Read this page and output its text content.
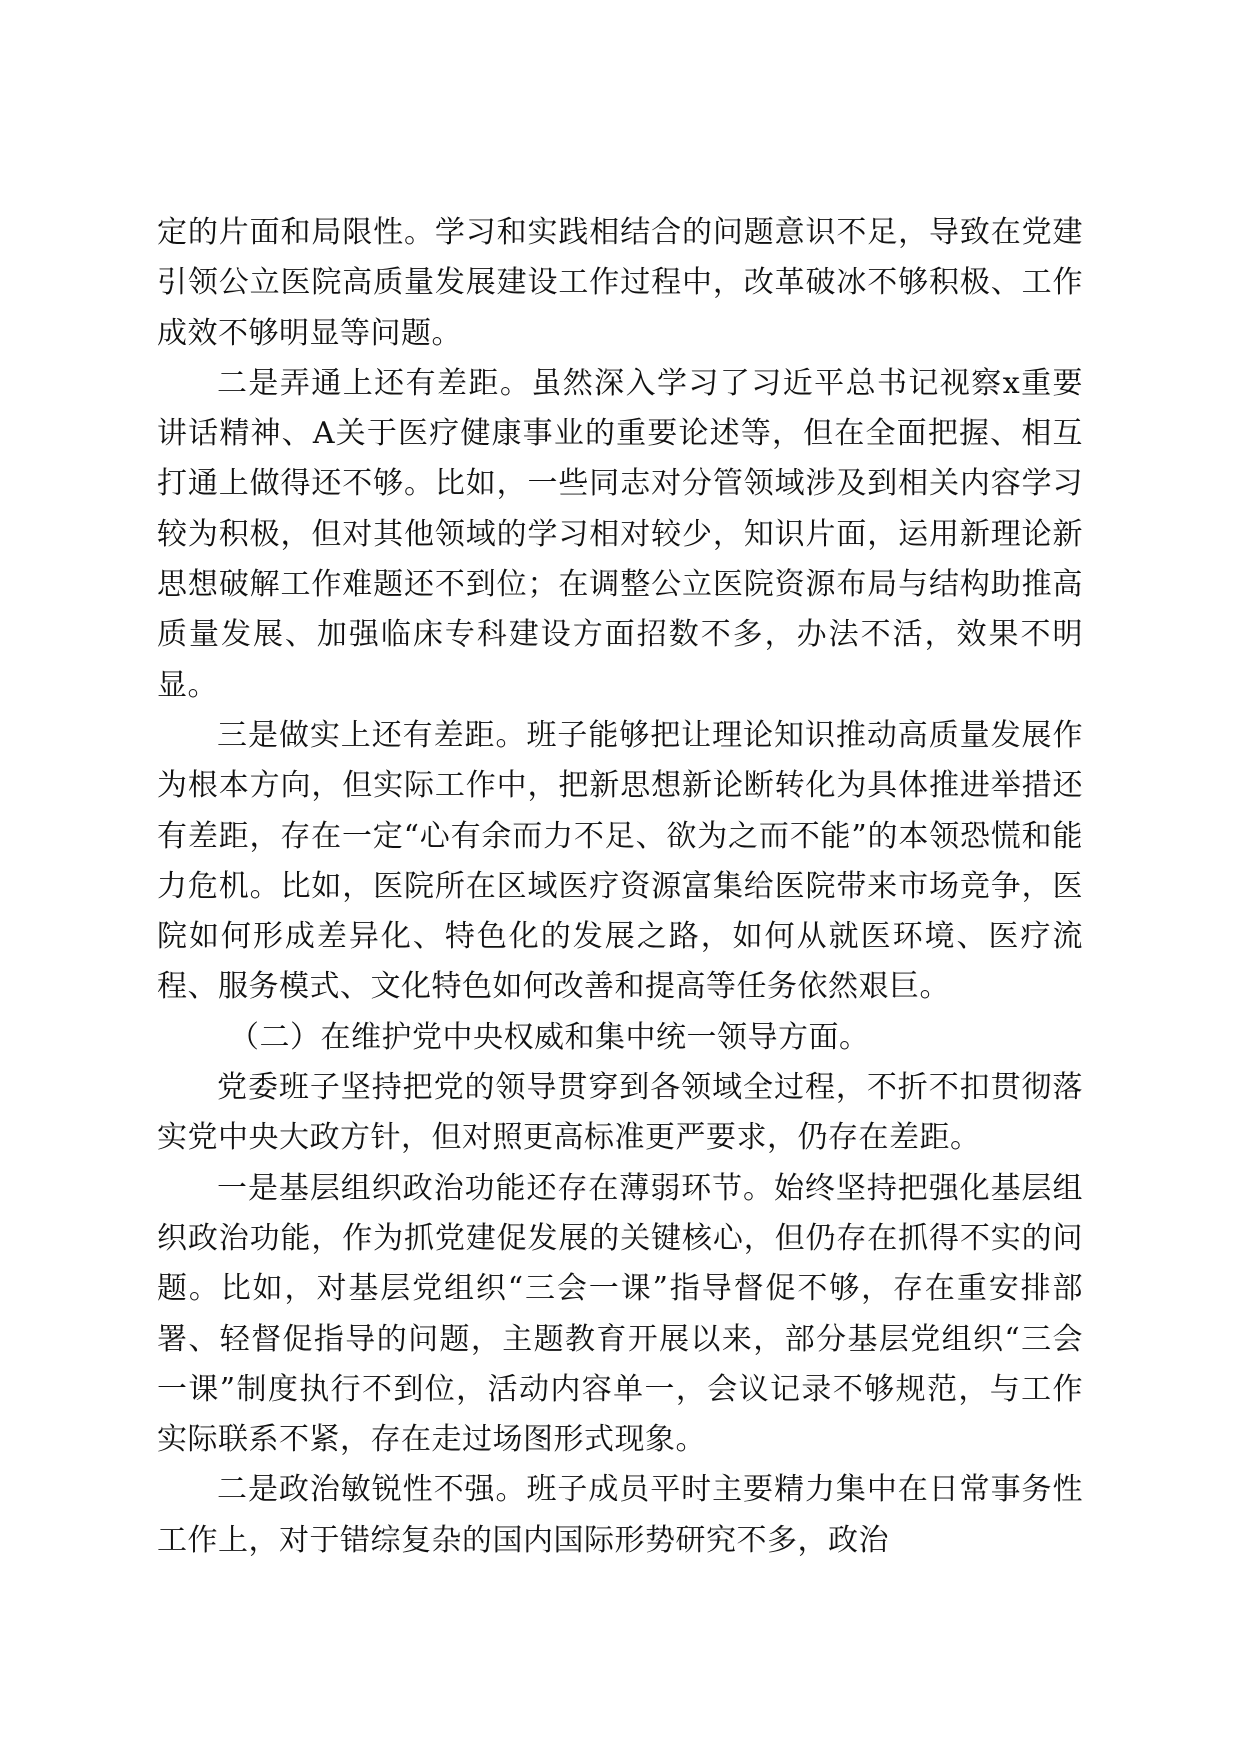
定的片面和局限性。学习和实践相结合的问题意识不足，导致在党建引领公立医院高质量发展建设工作过程中，改革破冰不够积极、工作成效不够明显等问题。

二是弄通上还有差距。虽然深入学习了习近平总书记视察x重要讲话精神、A关于医疗健康事业的重要论述等，但在全面把握、相互打通上做得还不够。比如，一些同志对分管领域涉及到相关内容学习较为积极，但对其他领域的学习相对较少，知识片面，运用新理论新思想破解工作难题还不到位；在调整公立医院资源布局与结构助推高质量发展、加强临床专科建设方面招数不多，办法不活，效果不明显。

三是做实上还有差距。班子能够把让理论知识推动高质量发展作为根本方向，但实际工作中，把新思想新论断转化为具体推进举措还有差距，存在一定“心有余而力不足、欲为之而不能”的本领恐慌和能力危机。比如，医院所在区域医疗资源富集给医院带来市场竞争，医院如何形成差异化、特色化的发展之路，如何从就医环境、医疗流程、服务模式、文化特色如何改善和提高等任务依然艰巨。

（二）在维护党中央权威和集中统一领导方面。

党委班子坚持把党的领导贯穿到各领域全过程，不折不扣贯彻落实党中央大政方针，但对照更高标准更严要求，仍存在差距。

一是基层组织政治功能还存在薄弱环节。始终坚持把强化基层组织政治功能，作为抓党建促发展的关键核心，但仍存在抓得不实的问题。比如，对基层党组织“三会一课”指导督促不够，存在重安排部署、轻督促指导的问题，主题教育开展以来，部分基层党组织“三会一课”制度执行不到位，活动内容单一，会议记录不够规范，与工作实际联系不紧，存在走过场图形式现象。

二是政治敏锐性不强。班子成员平时主要精力集中在日常事务性工作上，对于错综复杂的国内国际形势研究不多，政治
